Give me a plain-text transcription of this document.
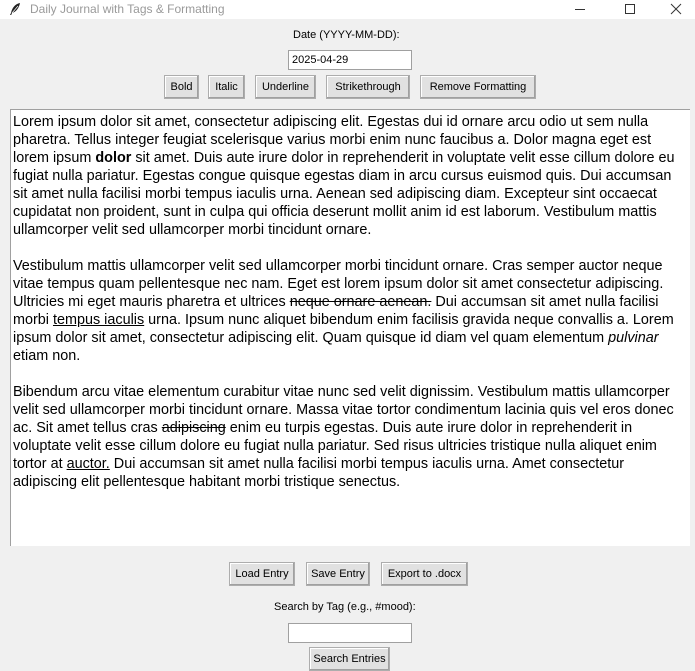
Daily Journal with Tags & Formatting
Date (YYYY-MM-DD):
2025-04-29
Bold	Italic	Underline	Strikethrough	Remove Formatting

Lorem ipsum dolor sit amet, consectetur adipiscing elit. Egestas dui id ornare arcu odio ut sem nulla pharetra. Tellus integer feugiat scelerisque varius morbi enim nunc faucibus a. Dolor magna eget est lorem ipsum dolor sit amet. Duis aute irure dolor in reprehenderit in voluptate velit esse cillum dolore eu fugiat nulla pariatur. Egestas congue quisque egestas diam in arcu cursus euismod quis. Dui accumsan sit amet nulla facilisi morbi tempus iaculis urna. Aenean sed adipiscing diam. Excepteur sint occaecat cupidatat non proident, sunt in culpa qui officia deserunt mollit anim id est laborum. Vestibulum mattis ullamcorper velit sed ullamcorper morbi tincidunt ornare.

Vestibulum mattis ullamcorper velit sed ullamcorper morbi tincidunt ornare. Cras semper auctor neque vitae tempus quam pellentesque nec nam. Eget est lorem ipsum dolor sit amet consectetur adipiscing. Ultricies mi eget mauris pharetra et ultrices neque ornare aenean. Dui accumsan sit amet nulla facilisi morbi tempus iaculis urna. Ipsum nunc aliquet bibendum enim facilisis gravida neque convallis a. Lorem ipsum dolor sit amet, consectetur adipiscing elit. Quam quisque id diam vel quam elementum pulvinar etiam non.

Bibendum arcu vitae elementum curabitur vitae nunc sed velit dignissim. Vestibulum mattis ullamcorper velit sed ullamcorper morbi tincidunt ornare. Massa vitae tortor condimentum lacinia quis vel eros donec ac. Sit amet tellus cras adipiscing enim eu turpis egestas. Duis aute irure dolor in reprehenderit in voluptate velit esse cillum dolore eu fugiat nulla pariatur. Sed risus ultricies tristique nulla aliquet enim tortor at auctor. Dui accumsan sit amet nulla facilisi morbi tempus iaculis urna. Amet consectetur adipiscing elit pellentesque habitant morbi tristique senectus.

Load Entry	Save Entry	Export to .docx
Search by Tag (e.g., #mood):
Search Entries
